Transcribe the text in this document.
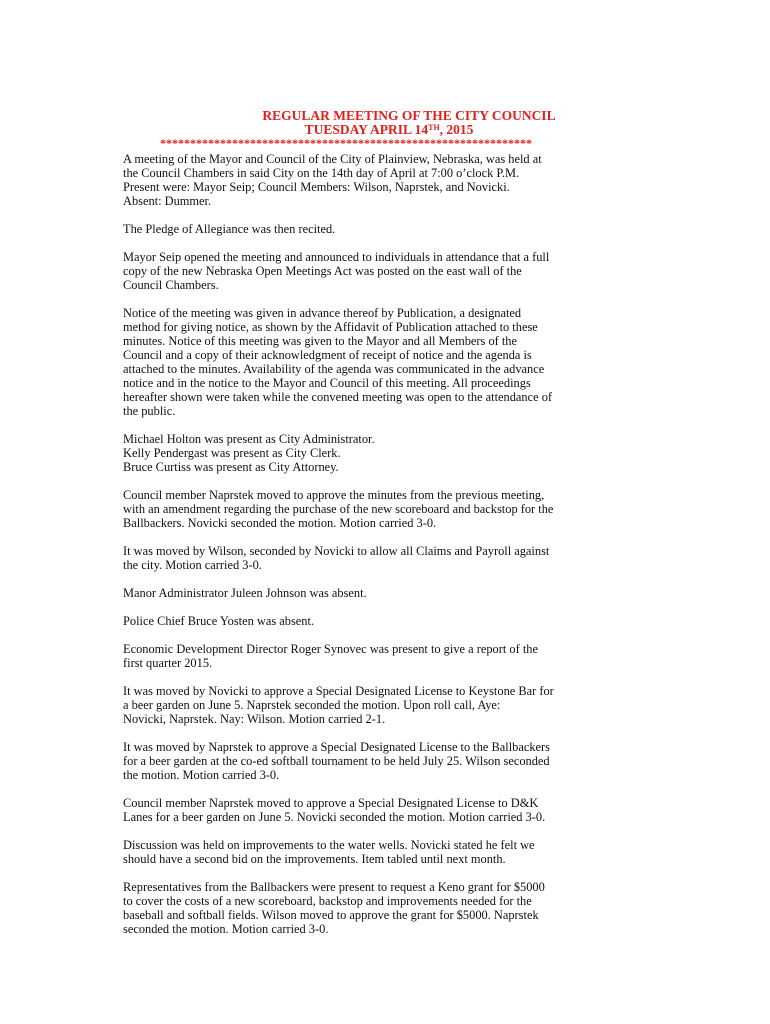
REGULAR MEETING OF THE CITY COUNCIL
TUESDAY APRIL 14TH, 2015
**************************************************************

A meeting of the Mayor and Council of the City of Plainview, Nebraska, was held at
the Council Chambers in said City on the 14th day of April at 7:00 o’clock P.M.
Present were: Mayor Seip; Council Members: Wilson, Naprstek, and Novicki.
Absent: Dummer.

The Pledge of Allegiance was then recited.

Mayor Seip opened the meeting and announced to individuals in attendance that a full
copy of the new Nebraska Open Meetings Act was posted on the east wall of the
Council Chambers.

Notice of the meeting was given in advance thereof by Publication, a designated
method for giving notice, as shown by the Affidavit of Publication attached to these
minutes. Notice of this meeting was given to the Mayor and all Members of the
Council and a copy of their acknowledgment of receipt of notice and the agenda is
attached to the minutes. Availability of the agenda was communicated in the advance
notice and in the notice to the Mayor and Council of this meeting. All proceedings
hereafter shown were taken while the convened meeting was open to the attendance of
the public.

Michael Holton was present as City Administrator.
Kelly Pendergast was present as City Clerk.
Bruce Curtiss was present as City Attorney.

Council member Naprstek moved to approve the minutes from the previous meeting,
with an amendment regarding the purchase of the new scoreboard and backstop for the
Ballbackers. Novicki seconded the motion. Motion carried 3-0.

It was moved by Wilson, seconded by Novicki to allow all Claims and Payroll against
the city. Motion carried 3-0.

Manor Administrator Juleen Johnson was absent.

Police Chief Bruce Yosten was absent.

Economic Development Director Roger Synovec was present to give a report of the
first quarter 2015.

It was moved by Novicki to approve a Special Designated License to Keystone Bar for
a beer garden on June 5. Naprstek seconded the motion. Upon roll call, Aye:
Novicki, Naprstek. Nay: Wilson. Motion carried 2-1.

It was moved by Naprstek to approve a Special Designated License to the Ballbackers
for a beer garden at the co-ed softball tournament to be held July 25. Wilson seconded
the motion. Motion carried 3-0.

Council member Naprstek moved to approve a Special Designated License to D&K
Lanes for a beer garden on June 5. Novicki seconded the motion. Motion carried 3-0.

Discussion was held on improvements to the water wells. Novicki stated he felt we
should have a second bid on the improvements. Item tabled until next month.

Representatives from the Ballbackers were present to request a Keno grant for $5000
to cover the costs of a new scoreboard, backstop and improvements needed for the
baseball and softball fields. Wilson moved to approve the grant for $5000. Naprstek
seconded the motion. Motion carried 3-0.
